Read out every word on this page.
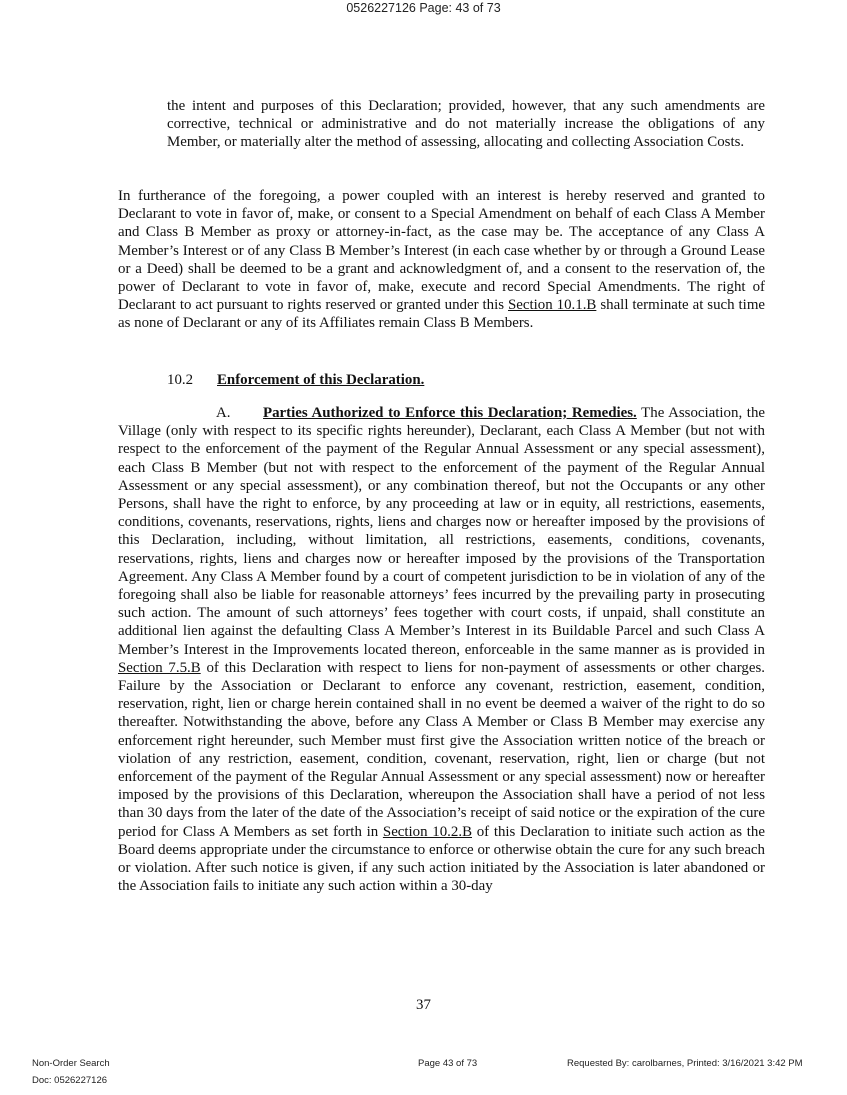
0526227126 Page: 43 of 73

the intent and purposes of this Declaration; provided, however, that any such amendments are corrective, technical or administrative and do not materially increase the obligations of any Member, or materially alter the method of assessing, allocating and collecting Association Costs.

In furtherance of the foregoing, a power coupled with an interest is hereby reserved and granted to Declarant to vote in favor of, make, or consent to a Special Amendment on behalf of each Class A Member and Class B Member as proxy or attorney-in-fact, as the case may be. The acceptance of any Class A Member’s Interest or of any Class B Member’s Interest (in each case whether by or through a Ground Lease or a Deed) shall be deemed to be a grant and acknowledgment of, and a consent to the reservation of, the power of Declarant to vote in favor of, make, execute and record Special Amendments. The right of Declarant to act pursuant to rights reserved or granted under this Section 10.1.B shall terminate at such time as none of Declarant or any of its Affiliates remain Class B Members.

10.2 Enforcement of this Declaration.

A. Parties Authorized to Enforce this Declaration; Remedies. The Association, the Village (only with respect to its specific rights hereunder), Declarant, each Class A Member (but not with respect to the enforcement of the payment of the Regular Annual Assessment or any special assessment), each Class B Member (but not with respect to the enforcement of the payment of the Regular Annual Assessment or any special assessment), or any combination thereof, but not the Occupants or any other Persons, shall have the right to enforce, by any proceeding at law or in equity, all restrictions, easements, conditions, covenants, reservations, rights, liens and charges now or hereafter imposed by the provisions of this Declaration, including, without limitation, all restrictions, easements, conditions, covenants, reservations, rights, liens and charges now or hereafter imposed by the provisions of the Transportation Agreement. Any Class A Member found by a court of competent jurisdiction to be in violation of any of the foregoing shall also be liable for reasonable attorneys’ fees incurred by the prevailing party in prosecuting such action. The amount of such attorneys’ fees together with court costs, if unpaid, shall constitute an additional lien against the defaulting Class A Member’s Interest in its Buildable Parcel and such Class A Member’s Interest in the Improvements located thereon, enforceable in the same manner as is provided in Section 7.5.B of this Declaration with respect to liens for non-payment of assessments or other charges. Failure by the Association or Declarant to enforce any covenant, restriction, easement, condition, reservation, right, lien or charge herein contained shall in no event be deemed a waiver of the right to do so thereafter. Notwithstanding the above, before any Class A Member or Class B Member may exercise any enforcement right hereunder, such Member must first give the Association written notice of the breach or violation of any restriction, easement, condition, covenant, reservation, right, lien or charge (but not enforcement of the payment of the Regular Annual Assessment or any special assessment) now or hereafter imposed by the provisions of this Declaration, whereupon the Association shall have a period of not less than 30 days from the later of the date of the Association’s receipt of said notice or the expiration of the cure period for Class A Members as set forth in Section 10.2.B of this Declaration to initiate such action as the Board deems appropriate under the circumstance to enforce or otherwise obtain the cure for any such breach or violation. After such notice is given, if any such action initiated by the Association is later abandoned or the Association fails to initiate any such action within a 30-day

37
Non-Order Search
Doc: 0526227126
Page 43 of 73	Requested By: carolbarnes, Printed: 3/16/2021 3:42 PM
